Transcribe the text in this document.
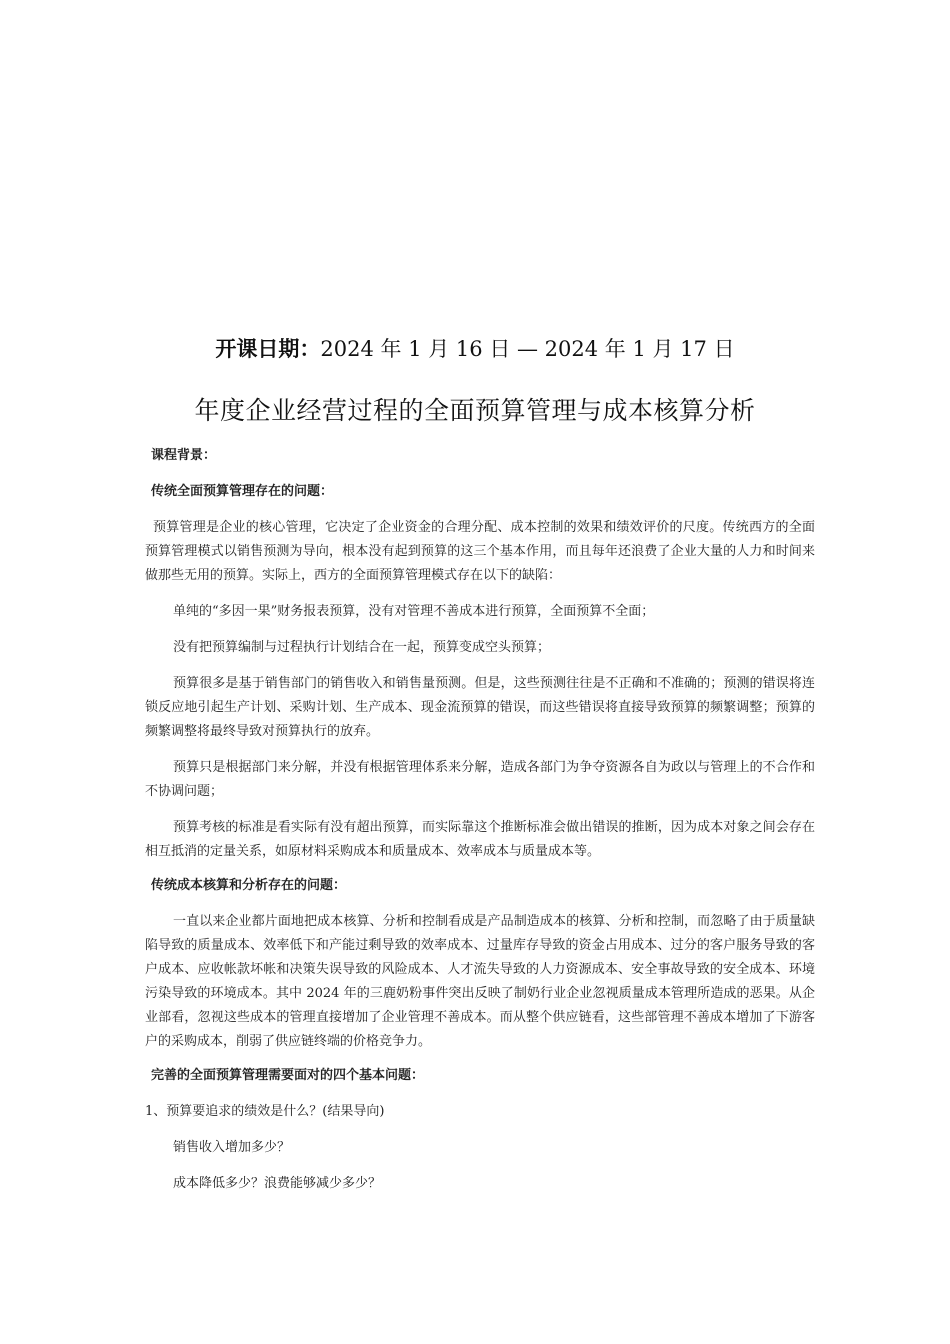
开课日期：2024 年 1 月 16 日 — 2024 年 1 月 17 日
年度企业经营过程的全面预算管理与成本核算分析
课程背景：
传统全面预算管理存在的问题：

预算管理是企业的核心管理，它决定了企业资金的合理分配、成本控制的效果和绩效评价的尺度。传统西方的全面预算管理模式以销售预测为导向，根本没有起到预算的这三个基本作用，而且每年还浪费了企业大量的人力和时间来做那些无用的预算。实际上，西方的全面预算管理模式存在以下的缺陷：

单纯的“多因一果”财务报表预算，没有对管理不善成本进行预算，全面预算不全面；

没有把预算编制与过程执行计划结合在一起，预算变成空头预算；

预算很多是基于销售部门的销售收入和销售量预测。但是，这些预测往往是不正确和不准确的；预测的错误将连锁反应地引起生产计划、采购计划、生产成本、现金流预算的错误，而这些错误将直接导致预算的频繁调整；预算的频繁调整将最终导致对预算执行的放弃。

预算只是根据部门来分解，并没有根据管理体系来分解，造成各部门为争夺资源各自为政以与管理上的不合作和不协调问题；

预算考核的标准是看实际有没有超出预算，而实际靠这个推断标准会做出错误的推断，因为成本对象之间会存在相互抵消的定量关系，如原材料采购成本和质量成本、效率成本与质量成本等。

传统成本核算和分析存在的问题：

一直以来企业都片面地把成本核算、分析和控制看成是产品制造成本的核算、分析和控制，而忽略了由于质量缺陷导致的质量成本、效率低下和产能过剩导致的效率成本、过量库存导致的资金占用成本、过分的客户服务导致的客户成本、应收帐款坏帐和决策失误导致的风险成本、人才流失导致的人力资源成本、安全事故导致的安全成本、环境污染导致的环境成本。其中 2024 年的三鹿奶粉事件突出反映了制奶行业企业忽视质量成本管理所造成的恶果。从企业部看，忽视这些成本的管理直接增加了企业管理不善成本。而从整个供应链看，这些部管理不善成本增加了下游客户的采购成本，削弱了供应链终端的价格竞争力。

完善的全面预算管理需要面对的四个基本问题：
1、预算要追求的绩效是什么？(结果导向)
销售收入增加多少？
成本降低多少？浪费能够减少多少？
